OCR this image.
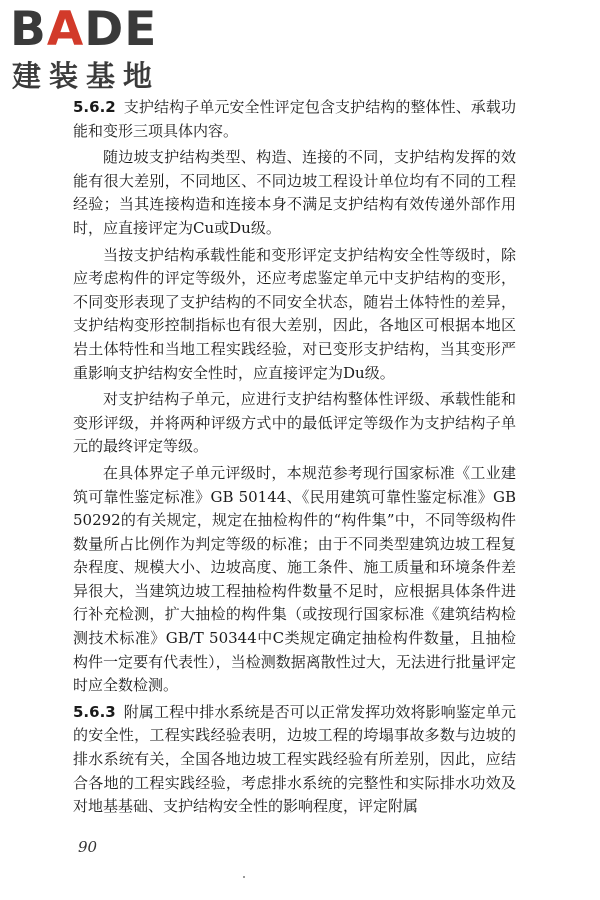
BADE
建装基地

5.6.2 支护结构子单元安全性评定包含支护结构的整体性、承载功能和变形三项具体内容。

随边坡支护结构类型、构造、连接的不同，支护结构发挥的效能有很大差别，不同地区、不同边坡工程设计单位均有不同的工程经验；当其连接构造和连接本身不满足支护结构有效传递外部作用时，应直接评定为Cu或Du级。

当按支护结构承载性能和变形评定支护结构安全性等级时，除应考虑构件的评定等级外，还应考虑鉴定单元中支护结构的变形，不同变形表现了支护结构的不同安全状态，随岩土体特性的差异，支护结构变形控制指标也有很大差别，因此，各地区可根据本地区岩土体特性和当地工程实践经验，对已变形支护结构，当其变形严重影响支护结构安全性时，应直接评定为Du级。

对支护结构子单元，应进行支护结构整体性评级、承载性能和变形评级，并将两种评级方式中的最低评定等级作为支护结构子单元的最终评定等级。

在具体界定子单元评级时，本规范参考现行国家标准《工业建筑可靠性鉴定标准》GB 50144、《民用建筑可靠性鉴定标准》GB 50292的有关规定，规定在抽检构件的“构件集”中，不同等级构件数量所占比例作为判定等级的标准；由于不同类型建筑边坡工程复杂程度、规模大小、边坡高度、施工条件、施工质量和环境条件差异很大，当建筑边坡工程抽检构件数量不足时，应根据具体条件进行补充检测，扩大抽检的构件集（或按现行国家标准《建筑结构检测技术标准》GB/T 50344中C类规定确定抽检构件数量，且抽检构件一定要有代表性），当检测数据离散性过大，无法进行批量评定时应全数检测。

5.6.3 附属工程中排水系统是否可以正常发挥功效将影响鉴定单元的安全性，工程实践经验表明，边坡工程的垮塌事故多数与边坡的排水系统有关，全国各地边坡工程实践经验有所差别，因此，应结合各地的工程实践经验，考虑排水系统的完整性和实际排水功效及对地基基础、支护结构安全性的影响程度，评定附属

90
